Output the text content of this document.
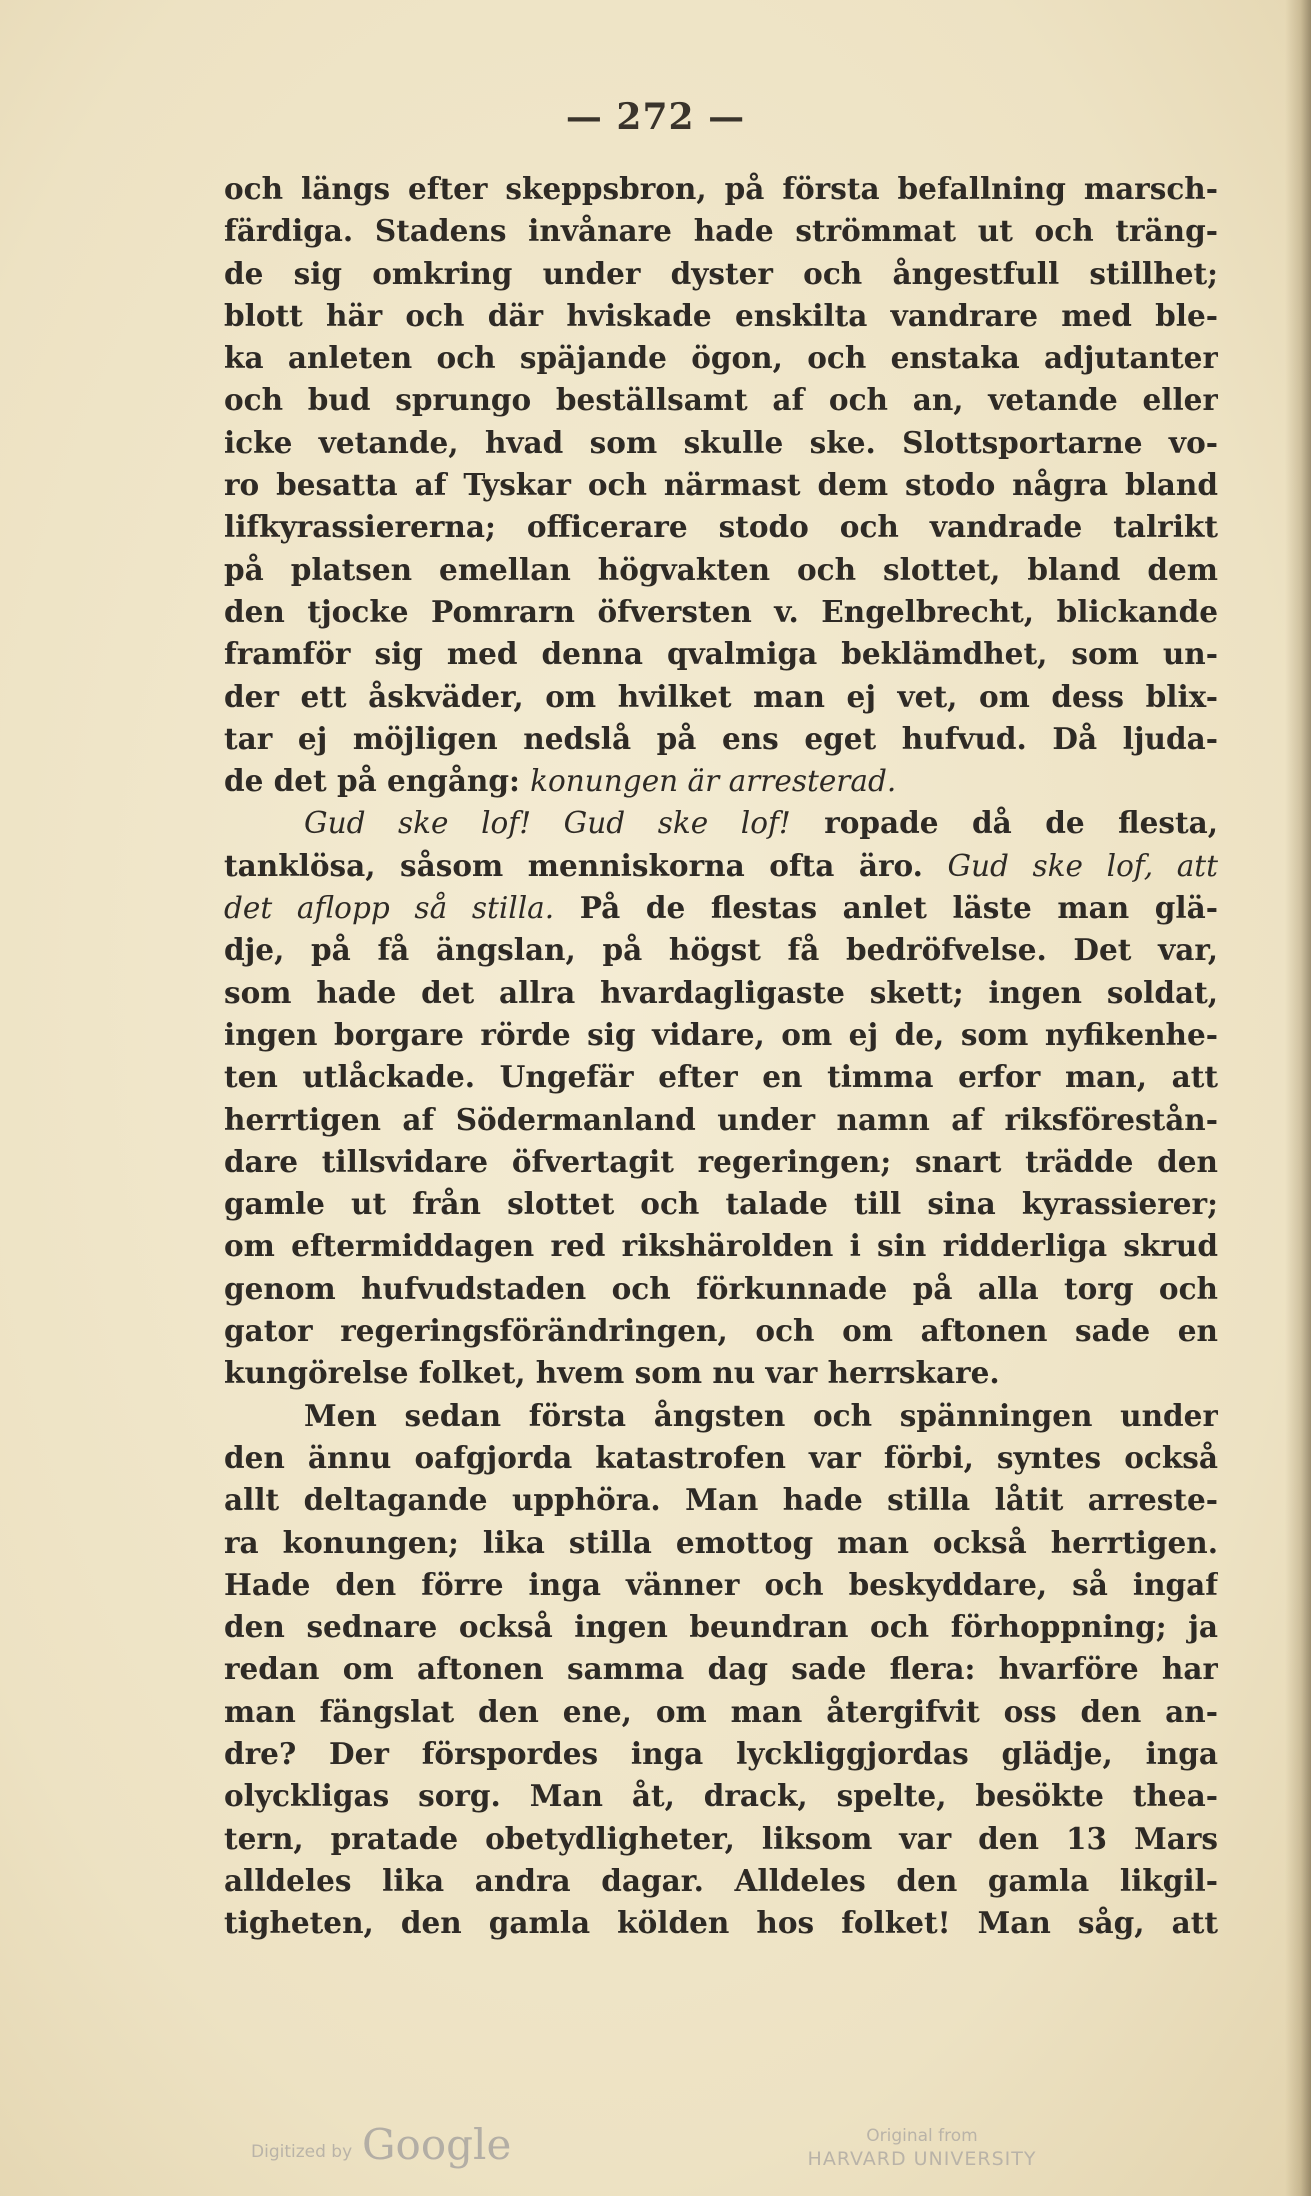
— 272 —
och längs efter skeppsbron, på första befallning marsch-
färdiga. Stadens invånare hade strömmat ut och träng-
de sig omkring under dyster och ångestfull stillhet;
blott här och där hviskade enskilta vandrare med ble-
ka anleten och späjande ögon, och enstaka adjutanter
och bud sprungo beställsamt af och an, vetande eller
icke vetande, hvad som skulle ske. Slottsportarne vo-
ro besatta af Tyskar och närmast dem stodo några bland
lifkyrassiererna; officerare stodo och vandrade talrikt
på platsen emellan högvakten och slottet, bland dem
den tjocke Pomrarn öfversten v. Engelbrecht, blickande
framför sig med denna qvalmiga beklämdhet, som un-
der ett åskväder, om hvilket man ej vet, om dess blix-
tar ej möjligen nedslå på ens eget hufvud. Då ljuda-
de det på engång: konungen är arresterad.
Gud ske lof! Gud ske lof! ropade då de flesta,
tanklösa, såsom menniskorna ofta äro. Gud ske lof, att
det aflopp så stilla. På de flestas anlet läste man glä-
dje, på få ängslan, på högst få bedröfvelse. Det var,
som hade det allra hvardagligaste skett; ingen soldat,
ingen borgare rörde sig vidare, om ej de, som nyfikenhe-
ten utlåckade. Ungefär efter en timma erfor man, att
herrtigen af Södermanland under namn af riksförestån-
dare tillsvidare öfvertagit regeringen; snart trädde den
gamle ut från slottet och talade till sina kyrassierer;
om eftermiddagen red rikshärolden i sin ridderliga skrud
genom hufvudstaden och förkunnade på alla torg och
gator regeringsförändringen, och om aftonen sade en
kungörelse folket, hvem som nu var herrskare.
Men sedan första ångsten och spänningen under
den ännu oafgjorda katastrofen var förbi, syntes också
allt deltagande upphöra. Man hade stilla låtit arreste-
ra konungen; lika stilla emottog man också herrtigen.
Hade den förre inga vänner och beskyddare, så ingaf
den sednare också ingen beundran och förhoppning; ja
redan om aftonen samma dag sade flera: hvarföre har
man fängslat den ene, om man återgifvit oss den an-
dre? Der förspordes inga lyckliggjordas glädje, inga
olyckligas sorg. Man åt, drack, spelte, besökte thea-
tern, pratade obetydligheter, liksom var den 13 Mars
alldeles lika andra dagar. Alldeles den gamla likgil-
tigheten, den gamla kölden hos folket! Man såg, att
Digitized by Google	Original from
HARVARD UNIVERSITY
